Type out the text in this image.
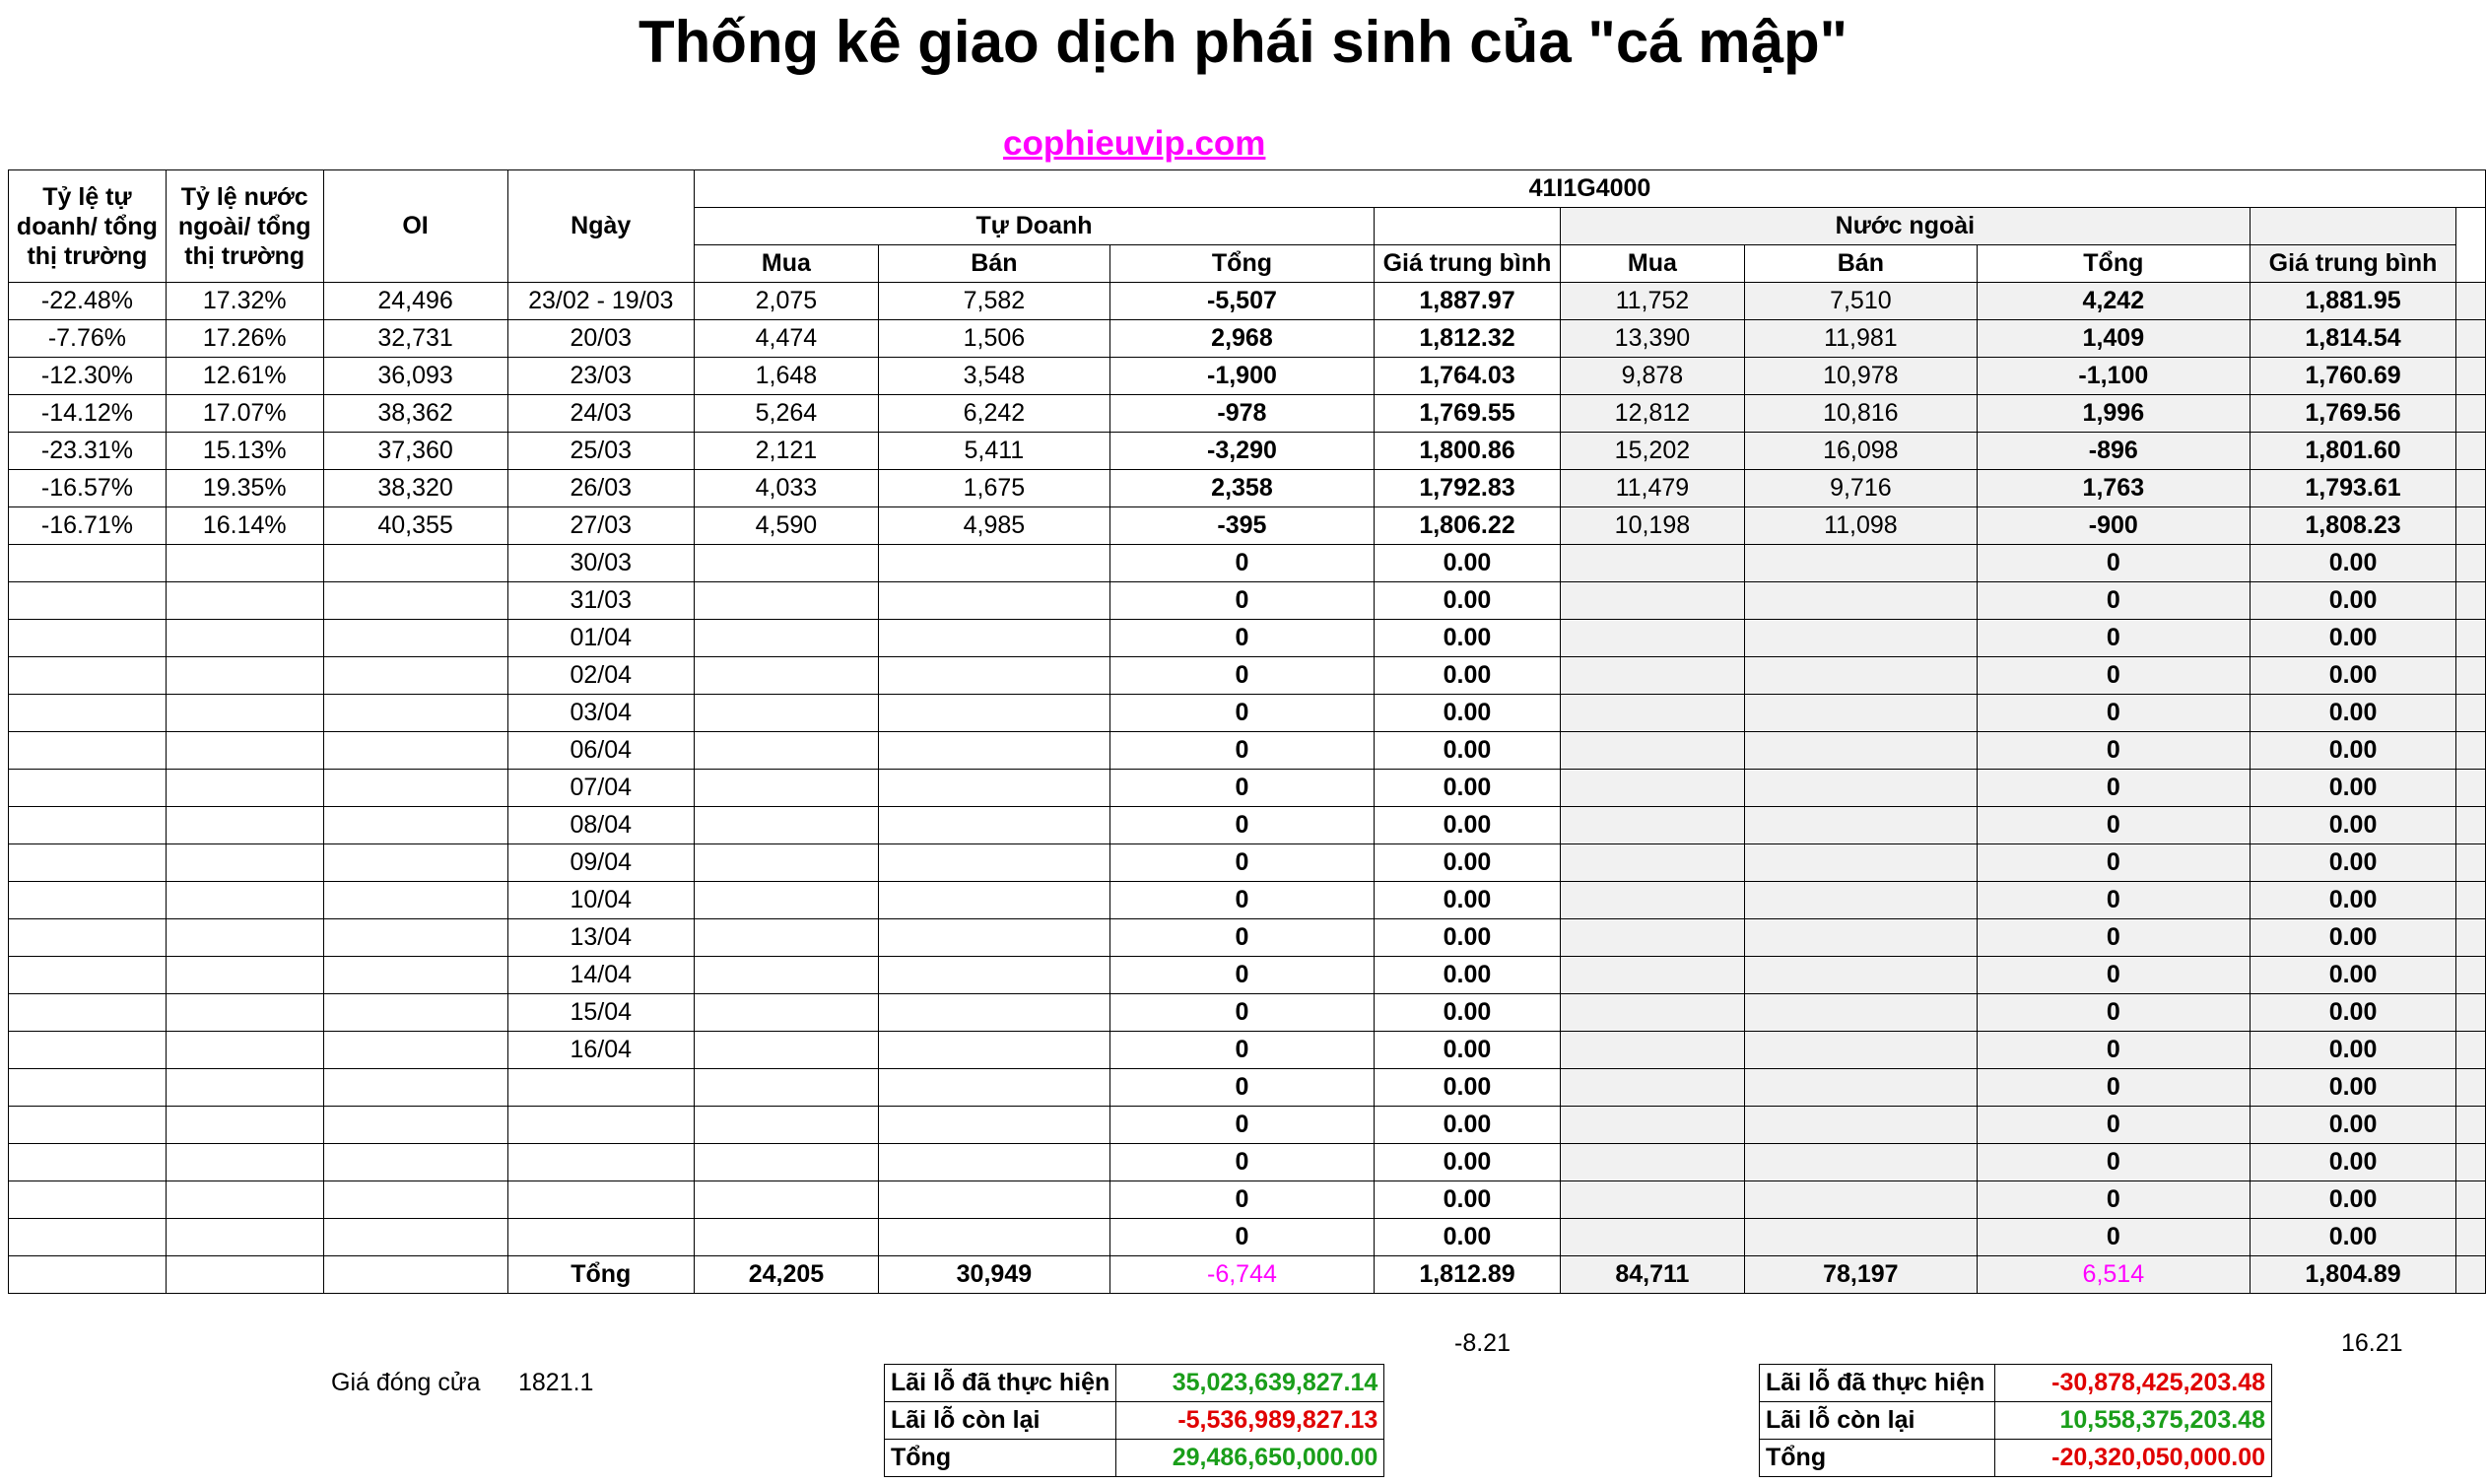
Thống kê giao dịch phái sinh của "cá mập"
cophieuvip.com
Tỷ lệ tự doanh/ tổng thị trường	Tỷ lệ nước ngoài/ tổng thị trường	OI	Ngày	41I1G4000								
				Tự Doanh				Nước ngoài				
				Mua	Bán	Tổng	Giá trung bình	Mua	Bán	Tổng	Giá trung bình	
-22.48%	17.32%	24,496	23/02 - 19/03	2,075	7,582	-5,507	1,887.97	11,752	7,510	4,242	1,881.95	
-7.76%	17.26%	32,731	20/03	4,474	1,506	2,968	1,812.32	13,390	11,981	1,409	1,814.54	
-12.30%	12.61%	36,093	23/03	1,648	3,548	-1,900	1,764.03	9,878	10,978	-1,100	1,760.69	
-14.12%	17.07%	38,362	24/03	5,264	6,242	-978	1,769.55	12,812	10,816	1,996	1,769.56	
-23.31%	15.13%	37,360	25/03	2,121	5,411	-3,290	1,800.86	15,202	16,098	-896	1,801.60	
-16.57%	19.35%	38,320	26/03	4,033	1,675	2,358	1,792.83	11,479	9,716	1,763	1,793.61	
-16.71%	16.14%	40,355	27/03	4,590	4,985	-395	1,806.22	10,198	11,098	-900	1,808.23	
			30/03			0	0.00			0	0.00	
			31/03			0	0.00			0	0.00	
			01/04			0	0.00			0	0.00	
			02/04			0	0.00			0	0.00	
			03/04			0	0.00			0	0.00	
			06/04			0	0.00			0	0.00	
			07/04			0	0.00			0	0.00	
			08/04			0	0.00			0	0.00	
			09/04			0	0.00			0	0.00	
			10/04			0	0.00			0	0.00	
			13/04			0	0.00			0	0.00	
			14/04			0	0.00			0	0.00	
			15/04			0	0.00			0	0.00	
			16/04			0	0.00			0	0.00	
						0	0.00			0	0.00	
						0	0.00			0	0.00	
						0	0.00			0	0.00	
						0	0.00			0	0.00	
						0	0.00			0	0.00	
			Tổng	24,205	30,949	-6,744	1,812.89	84,711	78,197	6,514	1,804.89	
-8.21	16.21
Giá đóng cửa 1821.1	Lãi lỗ đã thực hiện	35,023,639,827.14
Lãi lỗ còn lại	-5,536,989,827.13
Tổng	29,486,650,000.00
Lãi lỗ đã thực hiện	-30,878,425,203.48
Lãi lỗ còn lại	10,558,375,203.48
Tổng	-20,320,050,000.00
